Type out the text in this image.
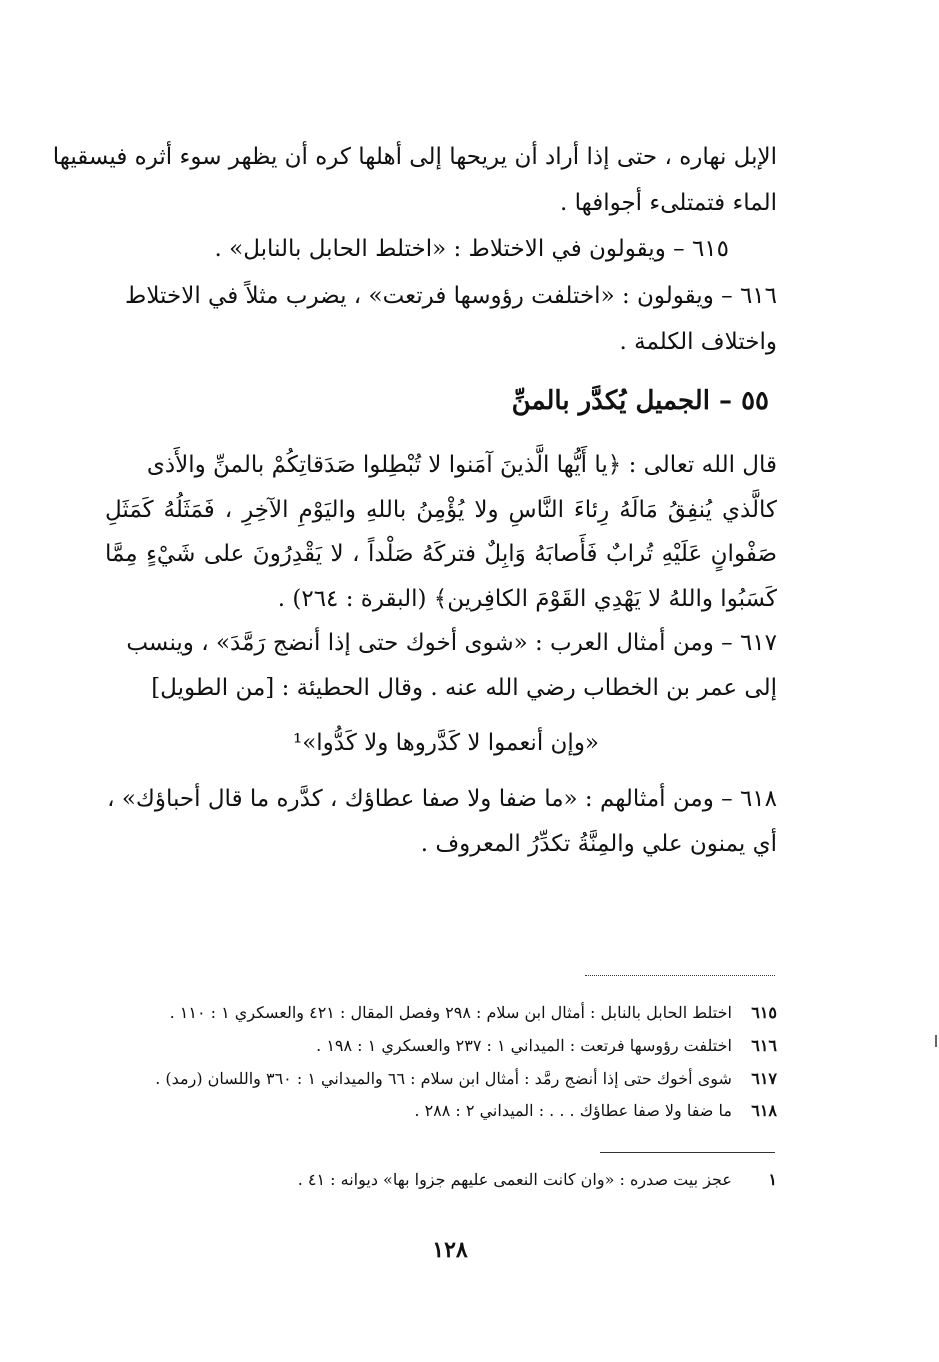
الإبل نهاره ، حتى إذا أراد أن يريحها إلى أهلها كره أن يظهر سوء أثره فيسقيها
الماء فتمتلىء أجوافها .
٦١٥ – ويقولون في الاختلاط : «اختلط الحابل بالنابل» .
٦١٦ – ويقولون : «اختلفت رؤوسها فرتعت» ، يضرب مثلاً في الاختلاط
واختلاف الكلمة .
٥٥ – الجميل يُكدَّر بالمنِّ
قال الله تعالى : ﴿يا أَيُّها الَّذينَ آمَنوا لا تُبْطِلوا صَدَقاتِكُمْ بالمنِّ والأَذى
كالَّذي يُنفِقُ مَالَهُ رِئاءَ النَّاسِ ولا يُؤْمِنُ باللهِ واليَوْمِ الآخِرِ ، فَمَثَلُهُ كَمَثَلِ
صَفْوانٍ عَلَيْهِ تُرابٌ فَأَصابَهُ وَابِلٌ فتركَهُ صَلْداً ، لا يَقْدِرُونَ على شَيْءٍ مِمَّا
كَسَبُوا واللهُ لا يَهْدِي القَوْمَ الكافِرين﴾ (البقرة : ٢٦٤) .
٦١٧ – ومن أمثال العرب : «شوى أخوك حتى إذا أنضج رَمَّدَ» ، وينسب
إلى عمر بن الخطاب رضي الله عنه . وقال الحطيئة : [من الطويل]
«وإن أنعموا لا كَدَّروها ولا كَدُّوا»¹
٦١٨ – ومن أمثالهم : «ما ضفا ولا صفا عطاؤك ، كدَّره ما قال أحباؤك» ،
أي يمنون علي والمِنَّةُ تكدِّرُ المعروف .
٦١٥ اختلط الحابل بالنابل : أمثال ابن سلام : ٢٩٨ وفصل المقال : ٤٢١ والعسكري ١ : ١١٠ .
٦١٦ اختلفت رؤوسها فرتعت : الميداني ١ : ٢٣٧ والعسكري ١ : ١٩٨ .
٦١٧ شوى أخوك حتى إذا أنضج رمَّد : أمثال ابن سلام : ٦٦ والميداني ١ : ٣٦٠ واللسان (رمد) .
٦١٨ ما ضفا ولا صفا عطاؤك . . . : الميداني ٢ : ٢٨٨ .
١ عجز بيت صدره : «وان كانت النعمى عليهم جزوا بها» ديوانه : ٤١ .
١٢٨
